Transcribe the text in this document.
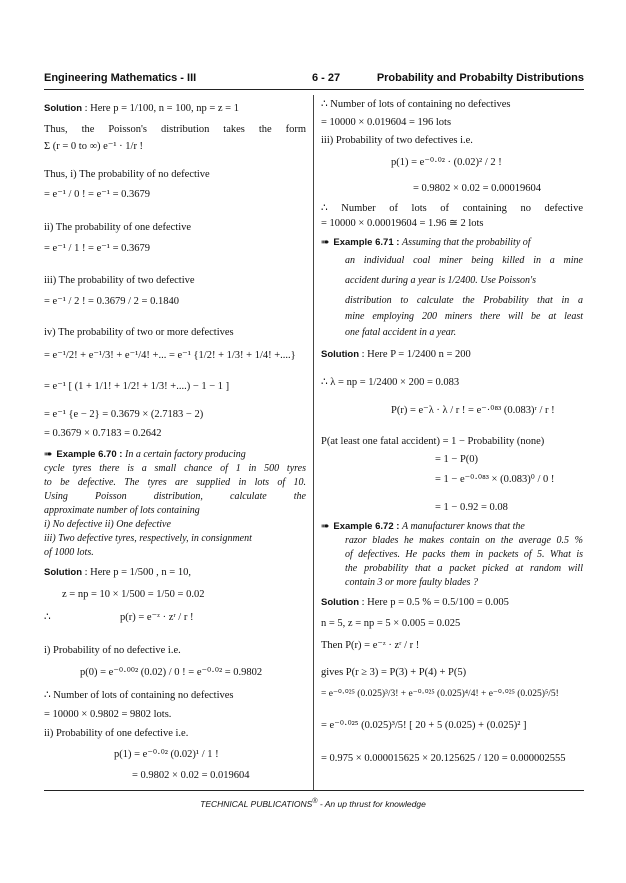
Engineering Mathematics - III	6 - 27	Probability and Probabilty Distributions
Solution : Here p = 1/100, n = 100, np = z = 1
Thus, the Poisson's distribution takes the form
Σ (r = 0 to ∞) e⁻¹ · 1/r !
Thus, i) The probability of no defective
= e⁻¹ / 0 ! = e⁻¹ = 0.3679
ii) The probability of one defective
= e⁻¹ / 1 ! = e⁻¹ = 0.3679
iii) The probability of two defective
= e⁻¹ / 2 ! = 0.3679 / 2 = 0.1840
iv) The probability of two or more defectives
= e⁻¹/2! + e⁻¹/3! + e⁻¹/4! +... = e⁻¹ {1/2! + 1/3! + 1/4! +....}
= e⁻¹ [ (1 + 1/1! + 1/2! + 1/3! +....) − 1 − 1 ]
= e⁻¹ {e − 2} = 0.3679 × (2.7183 − 2)
= 0.3679 × 0.7183 = 0.2642
➠ Example 6.70 : In a certain factory producing
cycle tyres there is a small chance of 1 in 500 tyres
to be defective. The tyres are supplied in lots of 10.
Using Poisson distribution, calculate the
approximate number of lots containing
i) No defective ii) One defective
iii) Two defective tyres, respectively, in consignment
of 1000 lots.
Solution : Here p = 1/500 , n = 10,
z = np = 10 × 1/500 = 1/50 = 0.02
∴	p(r) = e⁻ᶻ · zʳ / r !
i) Probability of no defective i.e.
p(0) = e⁻⁰·⁰⁰² (0.02) / 0 ! = e⁻⁰·⁰² = 0.9802
∴ Number of lots of containing no defectives
= 10000 × 0.9802 = 9802 lots.
ii) Probability of one defective i.e.
p(1) = e⁻⁰·⁰² (0.02)¹ / 1 !
= 0.9802 × 0.02 = 0.019604
∴ Number of lots of containing no defectives
= 10000 × 0.019604 = 196 lots
iii) Probability of two defectives i.e.
p(1) = e⁻⁰·⁰² · (0.02)² / 2 !
= 0.9802 × 0.02 = 0.00019604
∴ Number of lots of containing no defective
= 10000 × 0.00019604 = 1.96 ≅ 2 lots
➠ Example 6.71 : Assuming that the probability of
an individual coal miner being killed in a mine
accident during a year is 1/2400. Use Poisson's
distribution to calculate the Probability that in a
mine employing 200 miners there will be at least
one fatal accident in a year.
Solution : Here P = 1/2400 n = 200
∴ λ = np = 1/2400 × 200 = 0.083
P(r) = e⁻λ · λ / r ! = e⁻·⁰⁸³ (0.083)ʳ / r !
P(at least one fatal accident) = 1 − Probability (none)
= 1 − P(0)
= 1 − e⁻⁰·⁰⁸³ × (0.083)⁰ / 0 !
= 1 − 0.92 = 0.08
➠ Example 6.72 : A manufacturer knows that the
razor blades he makes contain on the average 0.5 %
of defectives. He packs them in packets of 5. What is
the probability that a packet picked at random will
contain 3 or more faulty blades ?
Solution : Here p = 0.5 % = 0.5/100 = 0.005
n = 5, z = np = 5 × 0.005 = 0.025
Then P(r) = e⁻ᶻ · zʳ / r !
gives P(r ≥ 3) = P(3) + P(4) + P(5)
= e⁻⁰·⁰²⁵ (0.025)³/3! + e⁻⁰·⁰²⁵ (0.025)⁴/4! + e⁻⁰·⁰²⁵ (0.025)⁵/5!
= e⁻⁰·⁰²⁵ (0.025)³/5! [ 20 + 5 (0.025) + (0.025)² ]
= 0.975 × 0.000015625 × 20.125625 / 120 = 0.000002555
TECHNICAL PUBLICATIONS® - An up thrust for knowledge
